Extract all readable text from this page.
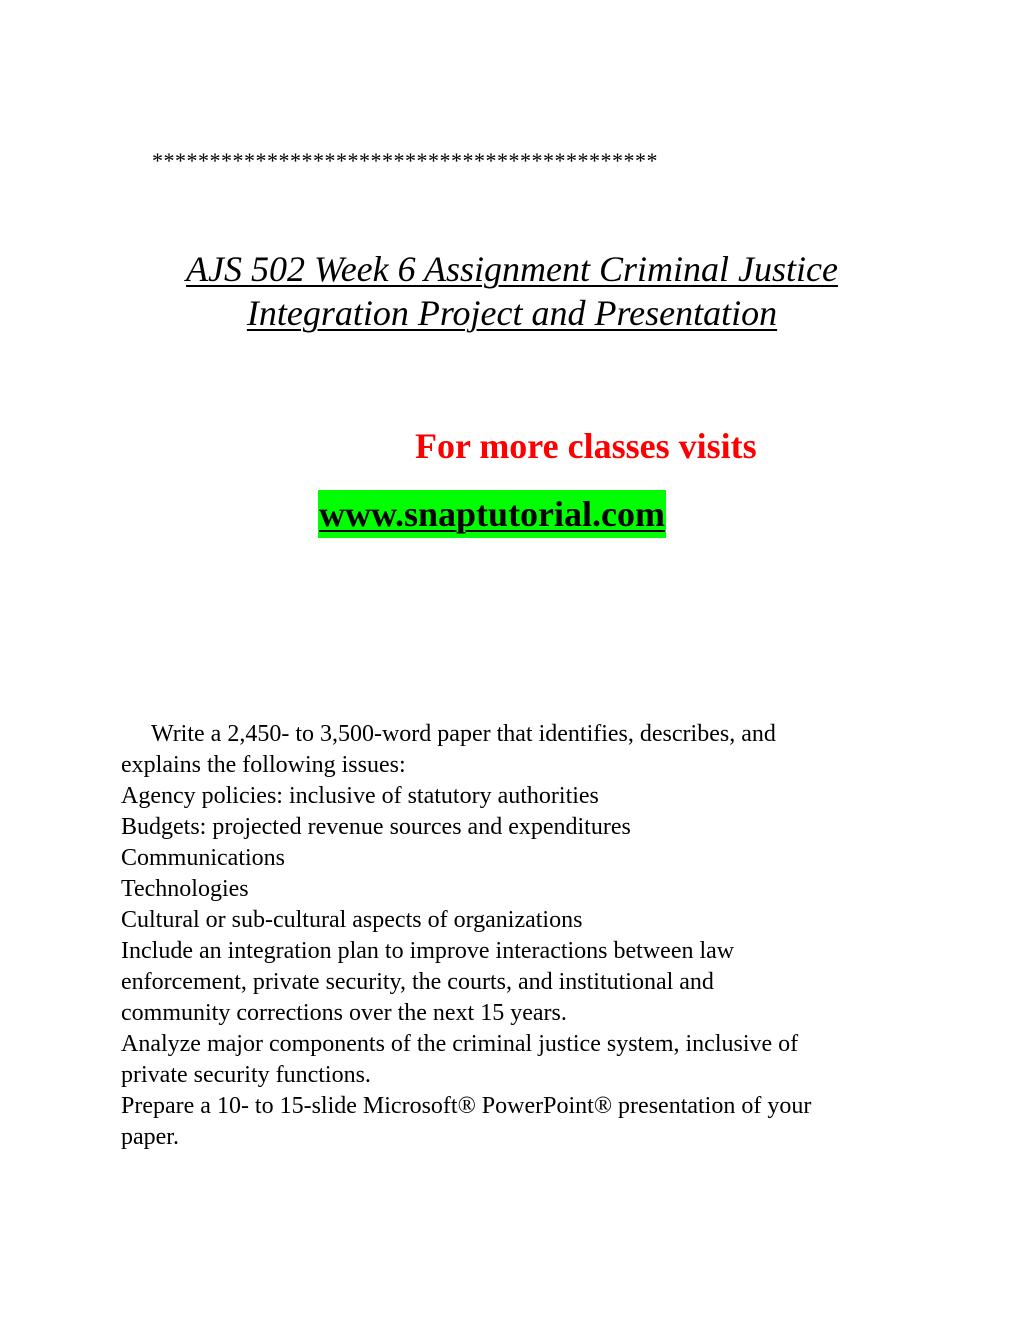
********************************************
AJS 502 Week 6 Assignment Criminal Justice
Integration Project and Presentation
For more classes visits
www.snaptutorial.com
Write a 2,450- to 3,500-word paper that identifies, describes, and
explains the following issues:
Agency policies: inclusive of statutory authorities
Budgets: projected revenue sources and expenditures
Communications
Technologies
Cultural or sub-cultural aspects of organizations
Include an integration plan to improve interactions between law
enforcement, private security, the courts, and institutional and
community corrections over the next 15 years.
Analyze major components of the criminal justice system, inclusive of
private security functions.
Prepare a 10- to 15-slide Microsoft® PowerPoint® presentation of your
paper.
